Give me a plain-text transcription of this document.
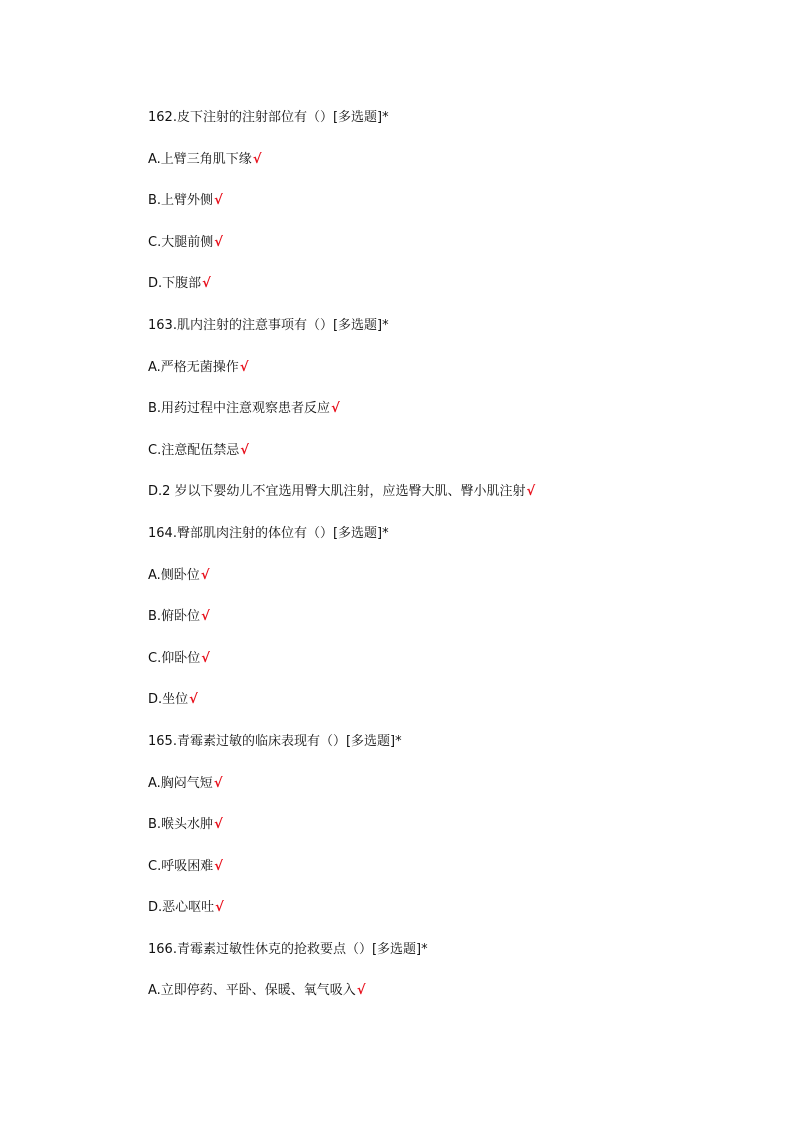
162.皮下注射的注射部位有（）[多选题]*
A.上臂三角肌下缘√
B.上臂外侧√
C.大腿前侧√
D.下腹部√
163.肌内注射的注意事项有（）[多选题]*
A.严格无菌操作√
B.用药过程中注意观察患者反应√
C.注意配伍禁忌√
D.2 岁以下婴幼儿不宜选用臀大肌注射，应选臀大肌、臀小肌注射√
164.臀部肌肉注射的体位有（）[多选题]*
A.侧卧位√
B.俯卧位√
C.仰卧位√
D.坐位√
165.青霉素过敏的临床表现有（）[多选题]*
A.胸闷气短√
B.喉头水肿√
C.呼吸困难√
D.恶心呕吐√
166.青霉素过敏性休克的抢救要点（）[多选题]*
A.立即停药、平卧、保暖、氧气吸入√
